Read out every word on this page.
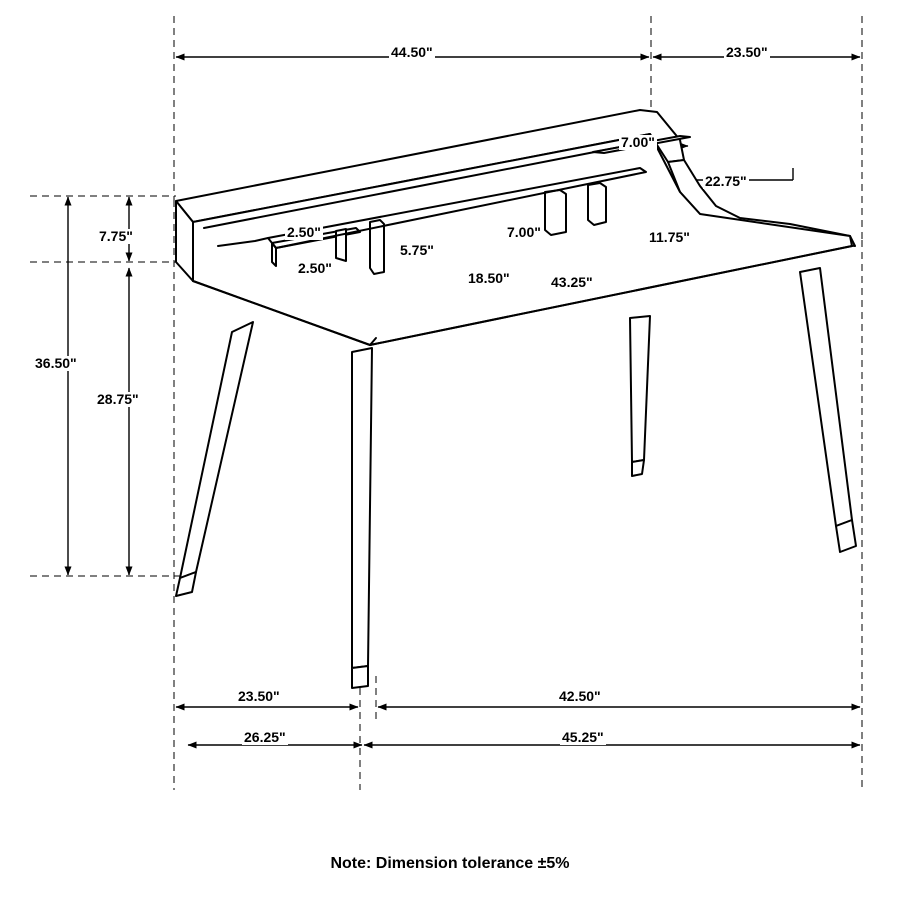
44.50"	23.50"
7.00"
22.75"
7.75"	2.50"	7.00"	11.75"
5.75"
2.50"
18.50"	43.25"
36.50"
28.75"
23.50"	42.50"
26.25"	45.25"
Note: Dimension tolerance ±5%
